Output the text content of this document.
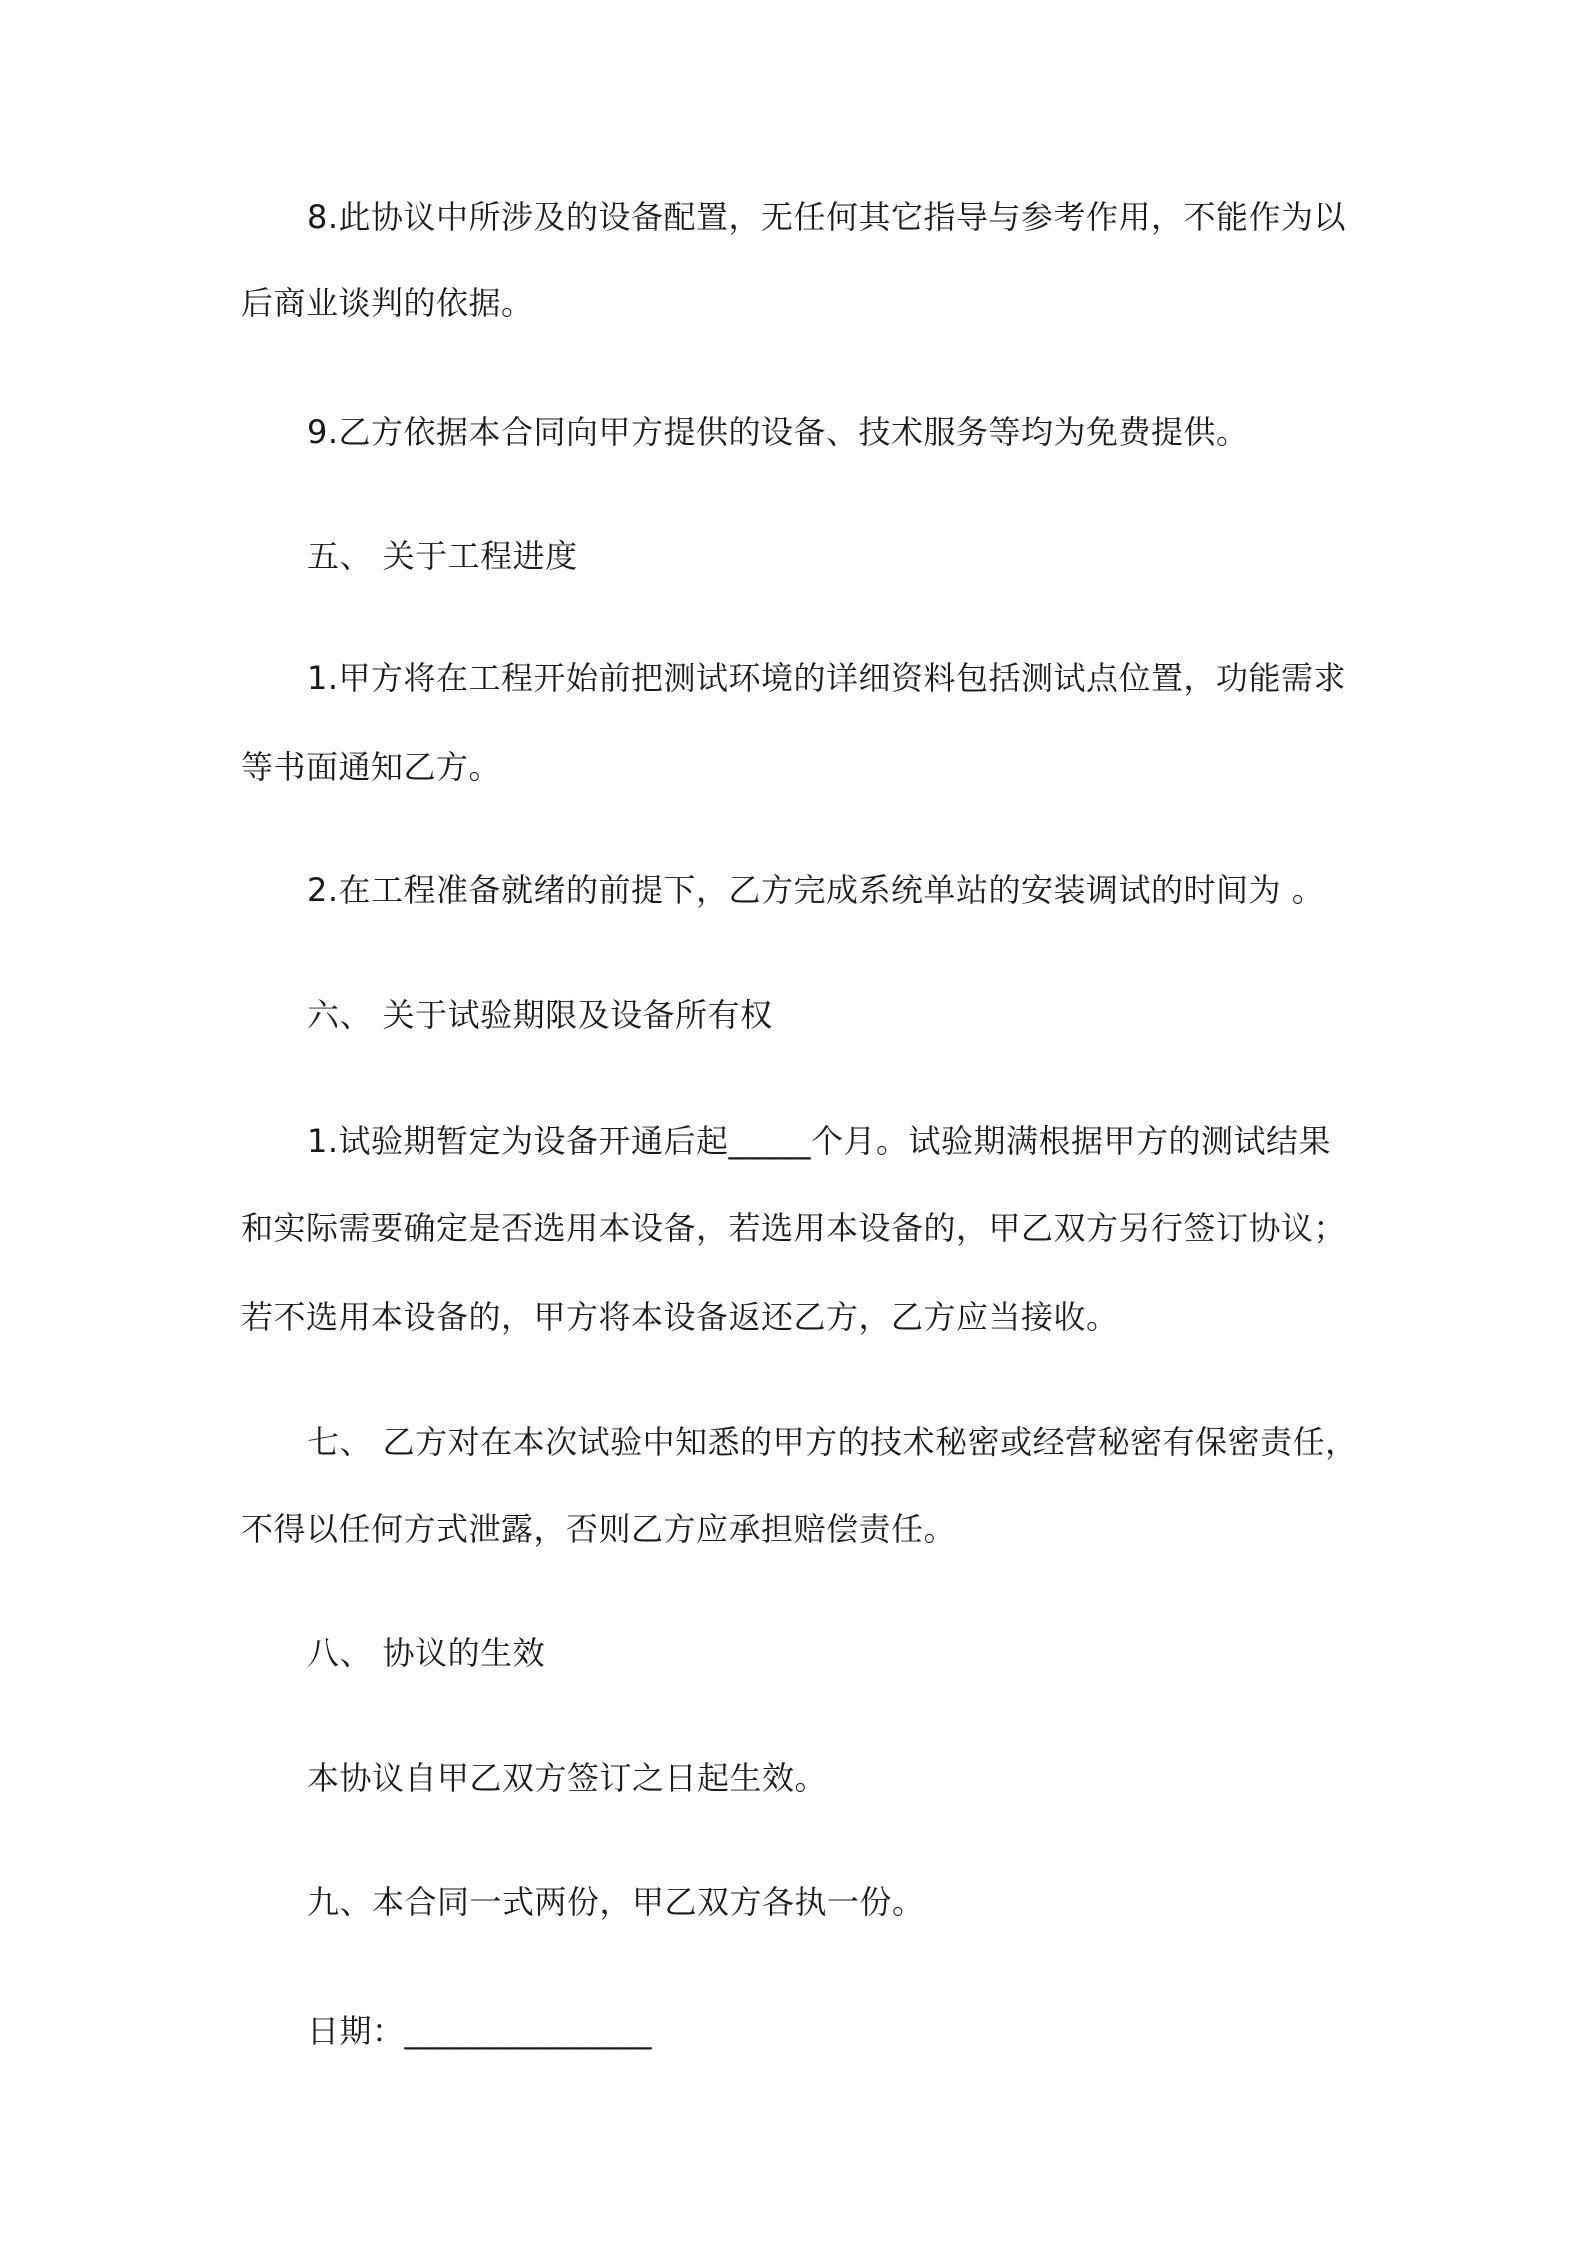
8.此协议中所涉及的设备配置，无任何其它指导与参考作用，不能作为以
后商业谈判的依据。
9.乙方依据本合同向甲方提供的设备、技术服务等均为免费提供。
五、 关于工程进度
1.甲方将在工程开始前把测试环境的详细资料包括测试点位置，功能需求
等书面通知乙方。
2.在工程准备就绪的前提下，乙方完成系统单站的安装调试的时间为 。
六、 关于试验期限及设备所有权
1.试验期暂定为设备开通后起_____个月。试验期满根据甲方的测试结果
和实际需要确定是否选用本设备，若选用本设备的，甲乙双方另行签订协议；
若不选用本设备的，甲方将本设备返还乙方，乙方应当接收。
七、 乙方对在本次试验中知悉的甲方的技术秘密或经营秘密有保密责任，
不得以任何方式泄露，否则乙方应承担赔偿责任。
八、 协议的生效
本协议自甲乙双方签订之日起生效。
九、本合同一式两份，甲乙双方各执一份。
日期：_______________
